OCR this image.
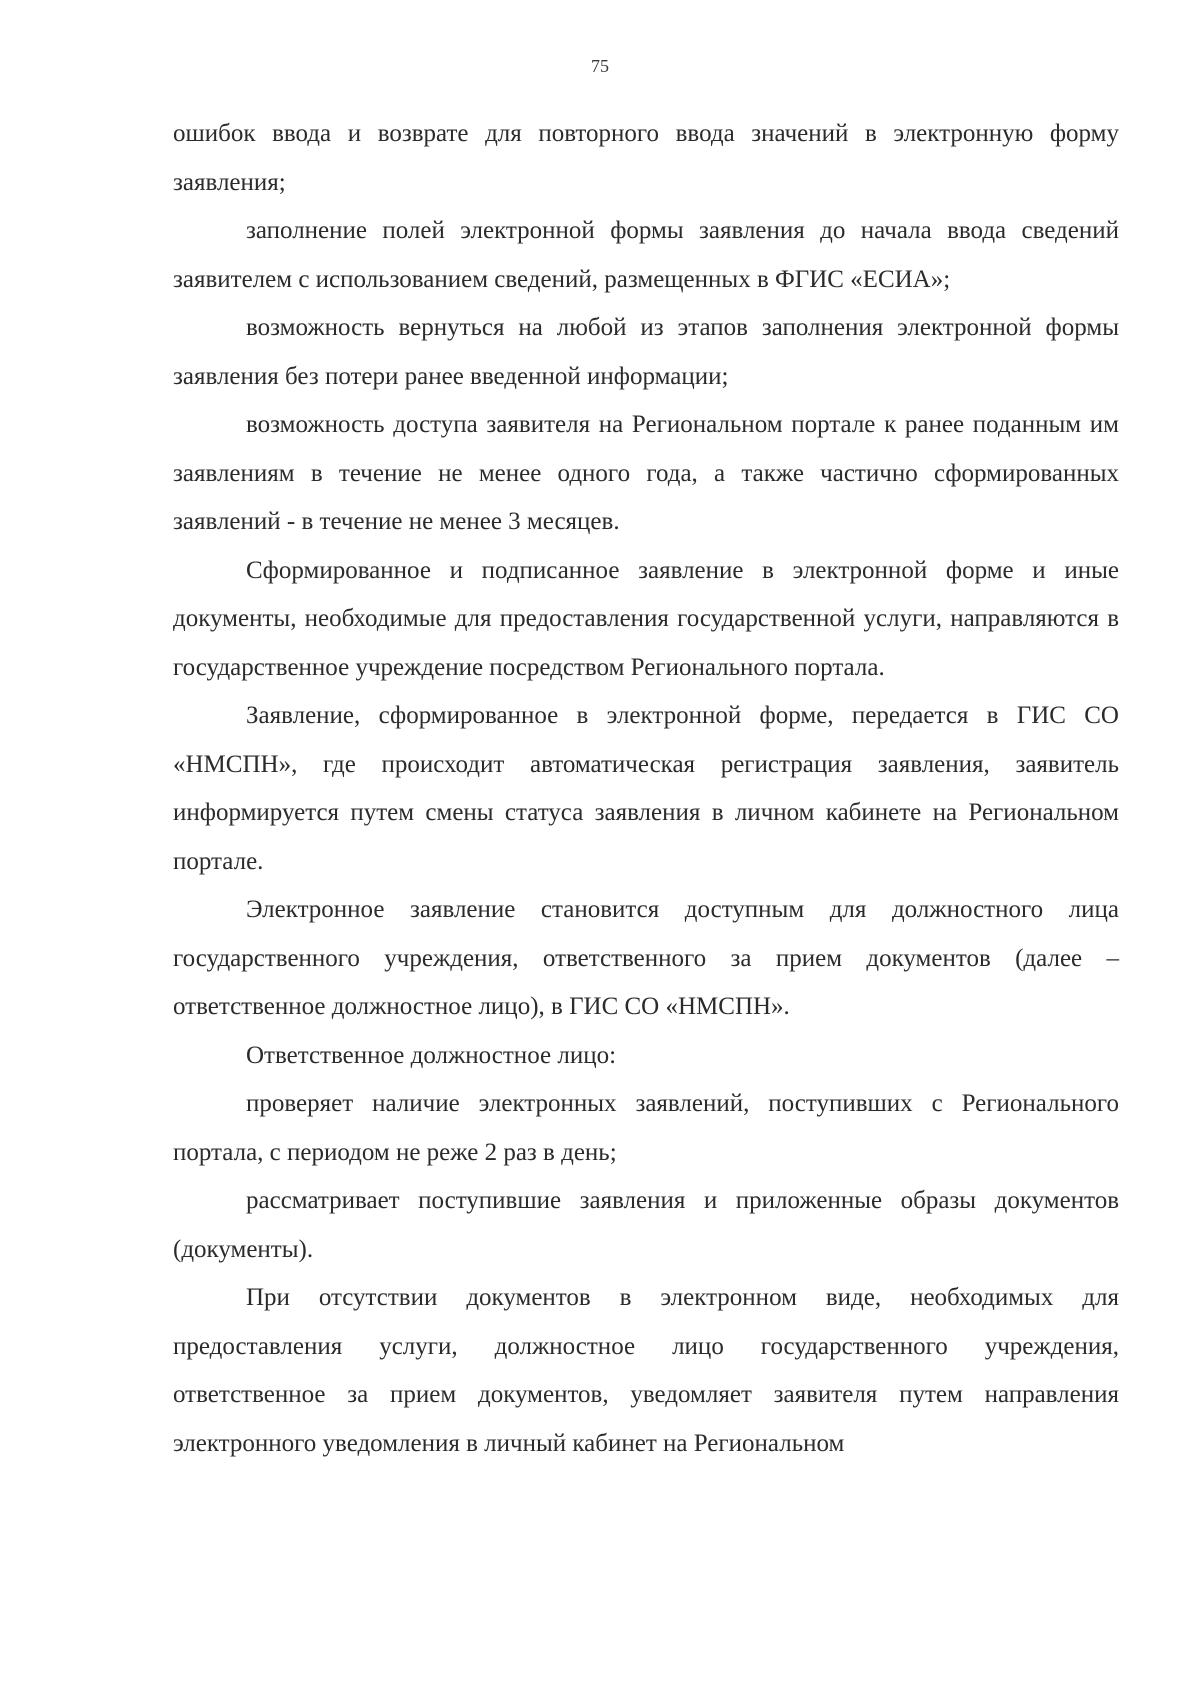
75

ошибок ввода и возврате для повторного ввода значений в электронную форму заявления;

заполнение полей электронной формы заявления до начала ввода сведений заявителем с использованием сведений, размещенных в ФГИС «ЕСИА»;

возможность вернуться на любой из этапов заполнения электронной формы заявления без потери ранее введенной информации;

возможность доступа заявителя на Региональном портале к ранее поданным им заявлениям в течение не менее одного года, а также частично сформированных заявлений - в течение не менее 3 месяцев.

Сформированное и подписанное заявление в электронной форме и иные документы, необходимые для предоставления государственной услуги, направляются в государственное учреждение посредством Регионального портала.

Заявление, сформированное в электронной форме, передается в ГИС СО «НМСПН», где происходит автоматическая регистрация заявления, заявитель информируется путем смены статуса заявления в личном кабинете на Региональном портале.

Электронное заявление становится доступным для должностного лица государственного учреждения, ответственного за прием документов (далее – ответственное должностное лицо), в ГИС СО «НМСПН».

Ответственное должностное лицо:

проверяет наличие электронных заявлений, поступивших с Регионального портала, с периодом не реже 2 раз в день;

рассматривает поступившие заявления и приложенные образы документов (документы).

При отсутствии документов в электронном виде, необходимых для предоставления услуги, должностное лицо государственного учреждения, ответственное за прием документов, уведомляет заявителя путем направления электронного уведомления в личный кабинет на Региональном
